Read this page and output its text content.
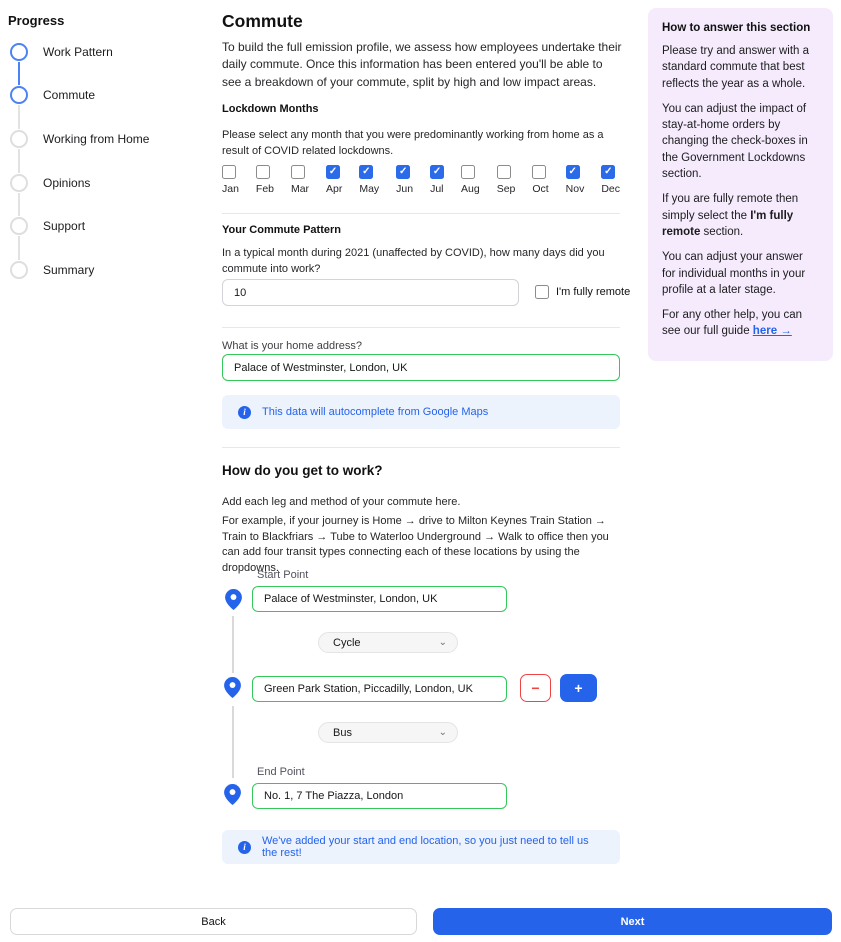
Progress
Work Pattern
Commute
Working from Home
Opinions
Support
Summary
Commute

To build the full emission profile, we assess how employees undertake their daily commute. Once this information has been entered you'll be able to see a breakdown of your commute, split by high and low impact areas.

Lockdown Months

Please select any month that you were predominantly working from home as a result of COVID related lockdowns.

Jan Feb Mar
✓ Apr
✓ May
✓ Jun
✓ Jul Aug Sep Oct
✓ Nov
✓ Dec
Your Commute Pattern

In a typical month during 2021 (unaffected by COVID), how many days did you commute into work?

10
I'm fully remote
What is your home address?
Palace of Westminster, London, UK
i	This data will autocomplete from Google Maps
How do you get to work?

Add each leg and method of your commute here.

For example, if your journey is Home → drive to Milton Keynes Train Station → Train to Blackfriars → Tube to Waterloo Underground → Walk to office then you can add four transit types connecting each of these locations by using the dropdowns.

Start Point
Palace of Westminster, London, UK
Cycle	⌄
Green Park Station, Piccadilly, London, UK
−	+
Bus	⌄
End Point
No. 1, 7 The Piazza, London
i	We've added your start and end location, so you just need to tell us the rest!
How to answer this section

Please try and answer with a standard commute that best reflects the year as a whole.

You can adjust the impact of stay-at-home orders by changing the check-boxes in the Government Lockdowns section.

If you are fully remote then simply select the I'm fully remote section.

You can adjust your answer for individual months in your profile at a later stage.

For any other help, you can see our full guide here →

Back	Next
